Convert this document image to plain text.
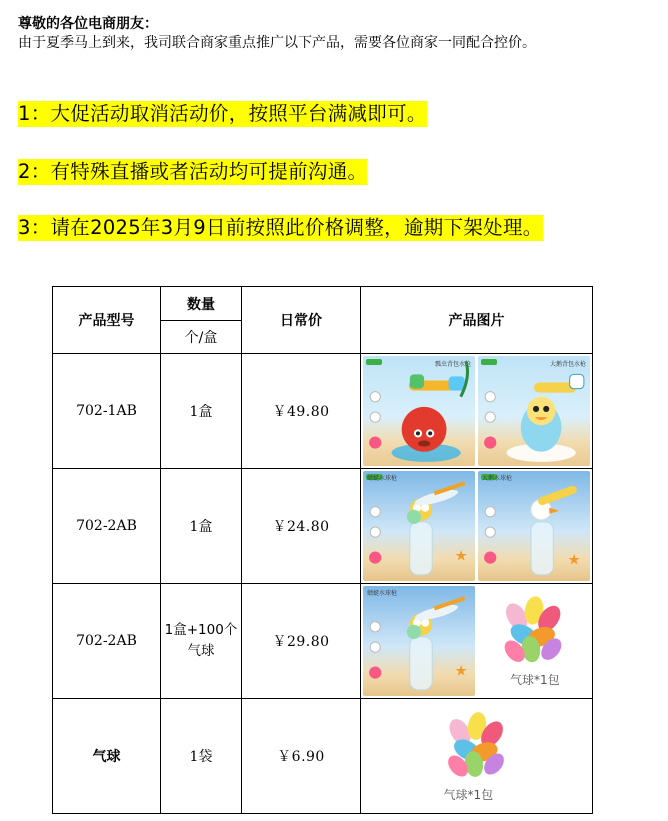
尊敬的各位电商朋友：
由于夏季马上到来，我司联合商家重点推广以下产品，需要各位商家一同配合控价。
1：大促活动取消活动价，按照平台满减即可。
2：有特殊直播或者活动均可提前沟通。
3：请在2025年3月9日前按照此价格调整，逾期下架处理。
产品型号	数量	日常价	产品图片
	个/盒		
702-1AB	1盒	￥49.80	瓢虫背包水枪 大鹅背包水枪

702-2AB	1盒	￥24.80	蜻蜓水球枪
★
大鹅水球枪
★

702-2AB	1盒+100个气球	￥29.80	蜻蜓水球枪
★
气球*1包

气球	1袋	￥6.90	气球*1包
